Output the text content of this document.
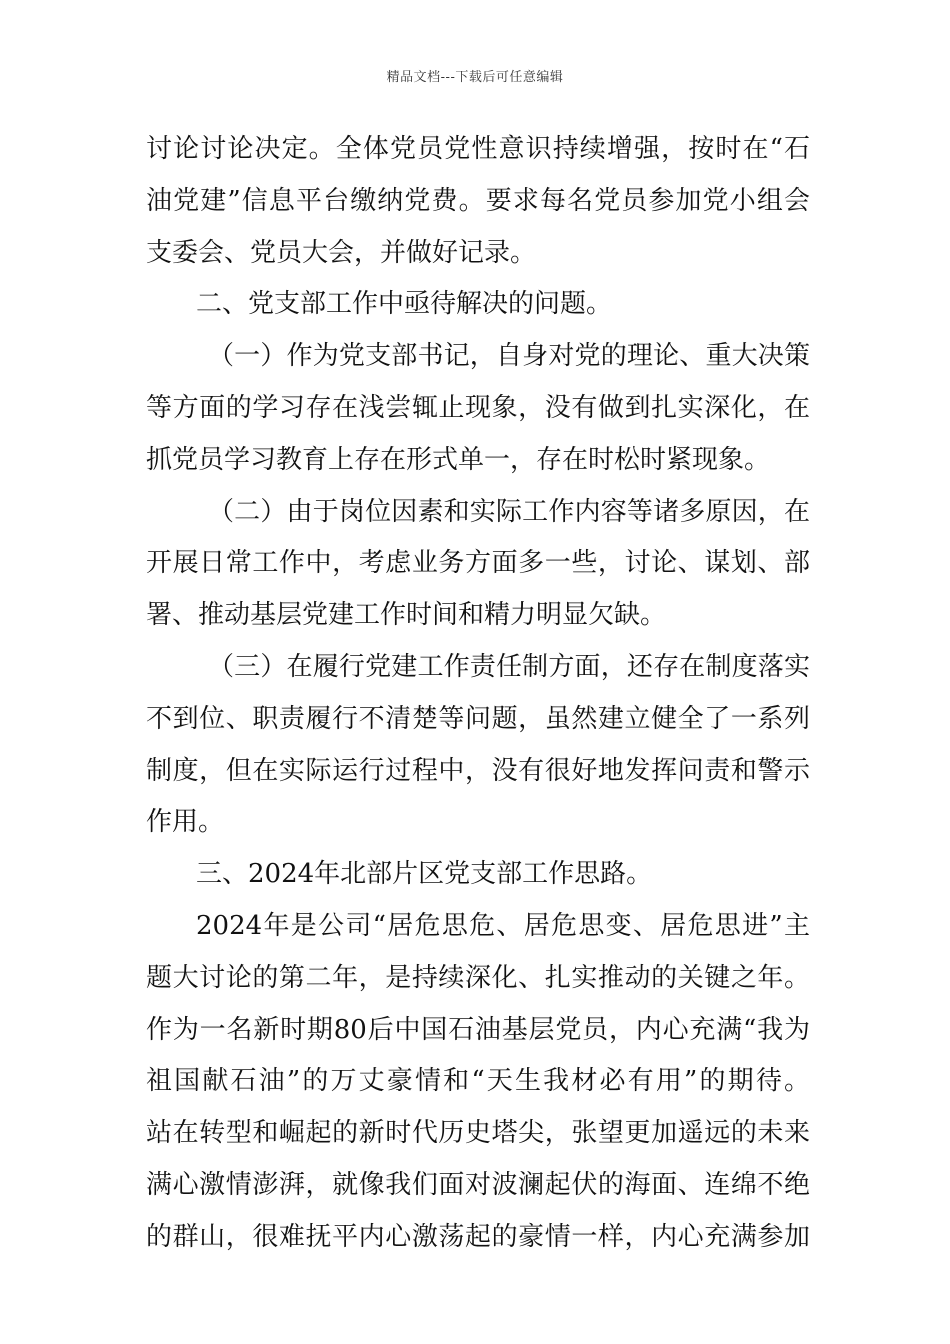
精品文档---下载后可任意编辑
讨论讨论决定。全体党员党性意识持续增强，按时在“石
油党建”信息平台缴纳党费。要求每名党员参加党小组会
支委会、党员大会，并做好记录。
二、党支部工作中亟待解决的问题。
（一）作为党支部书记，自身对党的理论、重大决策
等方面的学习存在浅尝辄止现象，没有做到扎实深化，在
抓党员学习教育上存在形式单一，存在时松时紧现象。
（二）由于岗位因素和实际工作内容等诸多原因，在
开展日常工作中，考虑业务方面多一些，讨论、谋划、部
署、推动基层党建工作时间和精力明显欠缺。
（三）在履行党建工作责任制方面，还存在制度落实
不到位、职责履行不清楚等问题，虽然建立健全了一系列
制度，但在实际运行过程中，没有很好地发挥问责和警示
作用。
三、2024年北部片区党支部工作思路。
2024年是公司“居危思危、居危思变、居危思进”主
题大讨论的第二年，是持续深化、扎实推动的关键之年。
作为一名新时期80后中国石油基层党员，内心充满“我为
祖国献石油”的万丈豪情和“天生我材必有用”的期待。
站在转型和崛起的新时代历史塔尖，张望更加遥远的未来
满心激情澎湃，就像我们面对波澜起伏的海面、连绵不绝
的群山，很难抚平内心激荡起的豪情一样，内心充满参加
